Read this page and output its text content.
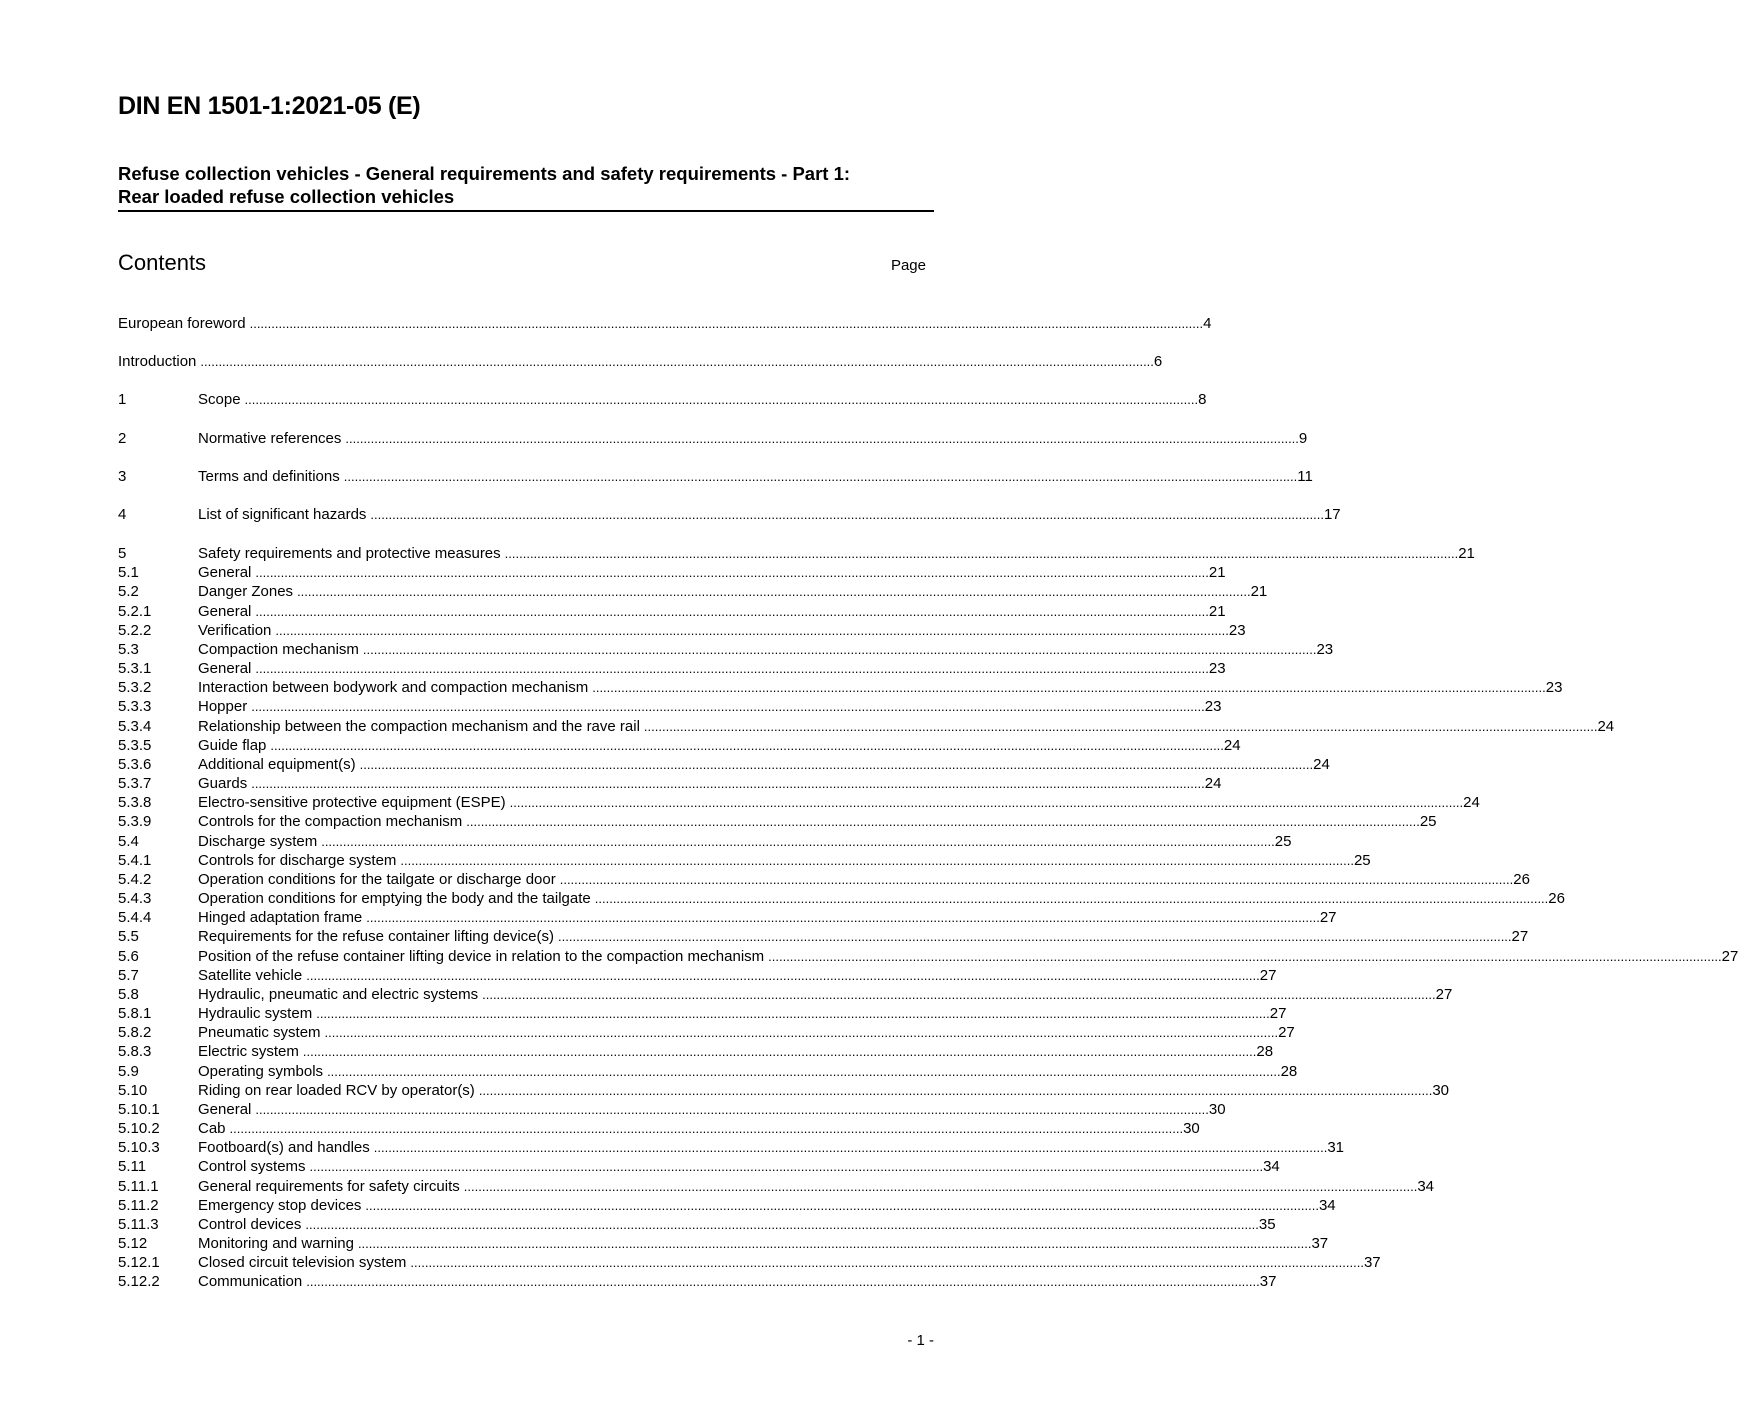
DIN EN 1501-1:2021-05 (E)
Refuse collection vehicles - General requirements and safety requirements - Part 1:
Rear loaded refuse collection vehicles
Contents	Page
European foreword .....	4
Introduction .....	6
1	Scope .....	8
2	Normative references .....	9
3	Terms and definitions .....	11
4	List of significant hazards .....	17
5	Safety requirements and protective measures .....	21
5.1	General .....	21
5.2	Danger Zones .....	21
5.2.1	General .....	21
5.2.2	Verification .....	23
5.3	Compaction mechanism .....	23
5.3.1	General .....	23
5.3.2	Interaction between bodywork and compaction mechanism .....	23
5.3.3	Hopper .....	23
5.3.4	Relationship between the compaction mechanism and the rave rail .....	24
5.3.5	Guide flap .....	24
5.3.6	Additional equipment(s) .....	24
5.3.7	Guards .....	24
5.3.8	Electro-sensitive protective equipment (ESPE) .....	24
5.3.9	Controls for the compaction mechanism .....	25
5.4	Discharge system .....	25
5.4.1	Controls for discharge system .....	25
5.4.2	Operation conditions for the tailgate or discharge door .....	26
5.4.3	Operation conditions for emptying the body and the tailgate .....	26
5.4.4	Hinged adaptation frame .....	27
5.5	Requirements for the refuse container lifting device(s) .....	27
5.6	Position of the refuse container lifting device in relation to the compaction mechanism .....	27
5.7	Satellite vehicle .....	27
5.8	Hydraulic, pneumatic and electric systems .....	27
5.8.1	Hydraulic system .....	27
5.8.2	Pneumatic system .....	27
5.8.3	Electric system .....	28
5.9	Operating symbols .....	28
5.10	Riding on rear loaded RCV by operator(s) .....	30
5.10.1	General .....	30
5.10.2	Cab .....	30
5.10.3	Footboard(s) and handles .....	31
5.11	Control systems .....	34
5.11.1	General requirements for safety circuits .....	34
5.11.2	Emergency stop devices .....	34
5.11.3	Control devices .....	35
5.12	Monitoring and warning .....	37
5.12.1	Closed circuit television system .....	37
5.12.2	Communication .....	37
- 1 -
